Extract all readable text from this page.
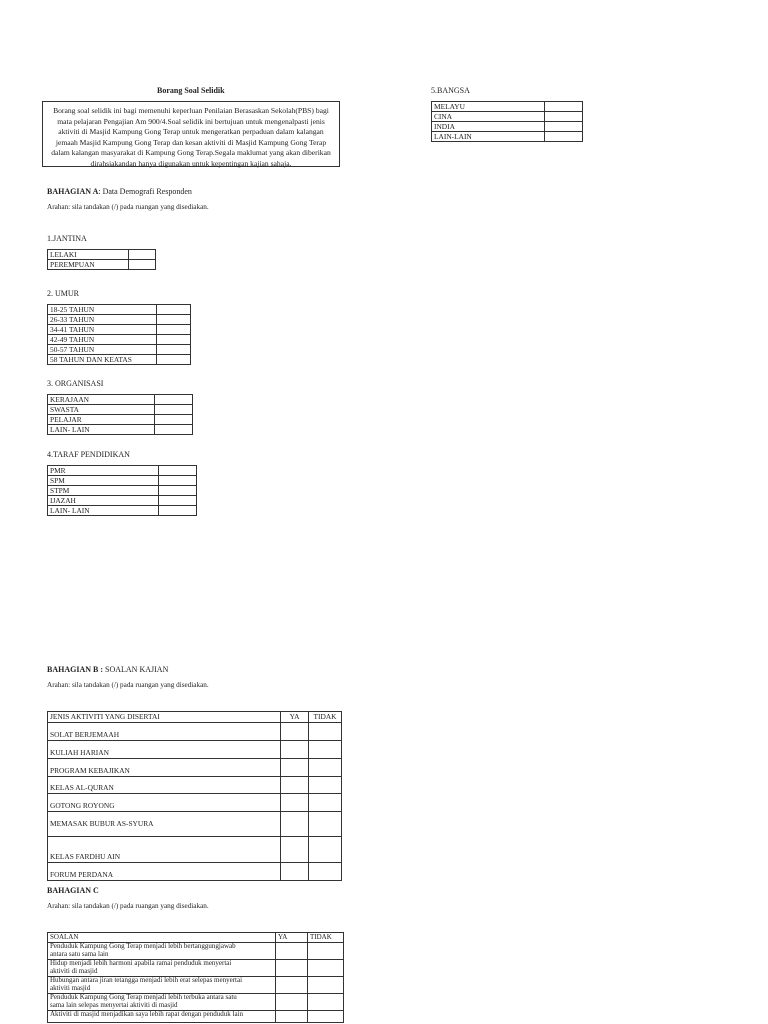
Borang Soal Selidik
Borang soal selidik ini bagi memenuhi keperluan Penilaian Berasaskan Sekolah(PBS) bagi
mata pelajaran Pengajian Am 900/4.Soal selidik ini bertujuan untuk mengenalpasti jenis
aktiviti di Masjid Kampung Gong Terap untuk mengeratkan perpaduan dalam kalangan
jemaah Masjid Kampung Gong Terap dan kesan aktiviti di Masjid Kampung Gong Terap
dalam kalangan masyarakat di Kampung Gong Terap.Segala maklumat yang akan diberikan
dirahsiakandan hanya digunakan untuk kepentingan kajian sahaja.
BAHAGIAN A: Data Demografi Responden
Arahan: sila tandakan (/) pada ruangan yang disediakan.
1.JANTINA
LELAKI	
PEREMPUAN	
2. UMUR
18-25 TAHUN	
26-33 TAHUN	
34-41 TAHUN	
42-49 TAHUN	
50-57 TAHUN	
58 TAHUN DAN KEATAS	
3. ORGANISASI
KERAJAAN	
SWASTA	
PELAJAR	
LAIN- LAIN	
4.TARAF PENDIDIKAN
PMR	
SPM	
STPM	
IJAZAH	
LAIN- LAIN	
5.BANGSA
MELAYU	
CINA	
INDIA	
LAIN-LAIN	
BAHAGIAN B : SOALAN KAJIAN
Arahan: sila tandakan (/) pada ruangan yang disediakan.
JENIS AKTIVITI YANG DISERTAI	YA	TIDAK
SOLAT BERJEMAAH		
KULIAH HARIAN		
PROGRAM KEBAJIKAN		
KELAS AL-QURAN		
GOTONG ROYONG		
MEMASAK BUBUR AS-SYURA		
KELAS FARDHU AIN		
FORUM PERDANA		
BAHAGIAN C
Arahan: sila tandakan (/) pada ruangan yang disediakan.
SOALAN	YA	TIDAK

Penduduk Kampung Gong Terap menjadi lebih bertanggungjawab
antara satu sama lain		

Hidup menjadi lebih harmoni apabila ramai penduduk menyertai
aktiviti di masjid		

Hubungan antara jiran tetangga menjadi lebih erat selepas menyertai
aktiviti masjid		

Penduduk Kampung Gong Terap menjadi lebih terbuka antara satu
sama lain selepas menyertai aktiviti di masjid		

Aktiviti di masjid menjadikan saya lebih rapat dengan penduduk lain		
